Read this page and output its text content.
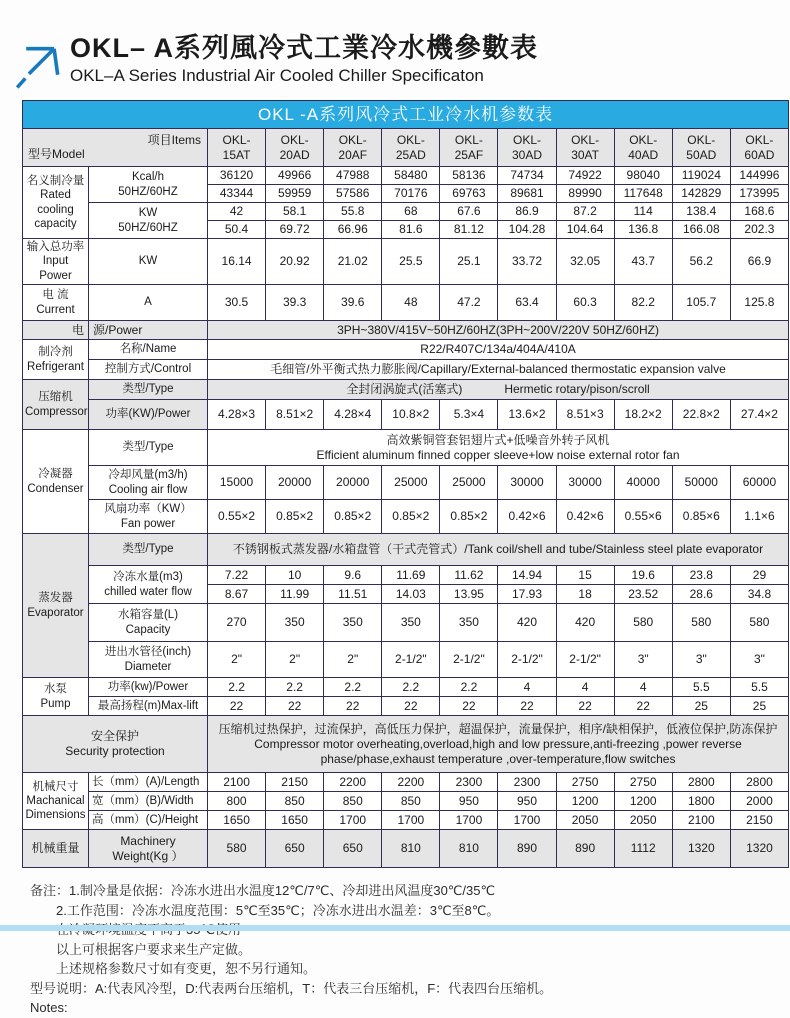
OKL– A系列風冷式工業冷水機參數表
OKL–A Series Industrial Air Cooled Chiller Specificaton
OKL -A系列风冷式工业冷水机参数表											

型号Model
项目Items		OKL-15AT	OKL-20AD	OKL-20AF	OKL-25AD	OKL-25AF	OKL-30AD	OKL-30AT	OKL-40AD	OKL-50AD	OKL-60AD

名义制冷量
Rated cooling capacity	Kcal/h
50HZ/60HZ	36120	49966	47988	58480	58136	74734	74922	98040	119024	144996
		43344	59959	57586	70176	69763	89681	89990	117648	142829	173995

	KW
50HZ/60HZ	42	58.1	55.8	68	67.6	86.9	87.2	114	138.4	168.6
		50.4	69.72	66.96	81.6	81.12	104.28	104.64	136.8	166.08	202.3

输入总功率
Input Power	KW	16.14	20.92	21.02	25.5	25.1	33.72	32.05	43.7	56.2	66.9

电 流
Current	A	30.5	39.3	39.6	48	47.2	63.4	60.3	82.2	105.7	125.8
电	源/Power	3PH~380V/415V~50HZ/60HZ(3PH~200V/220V 50HZ/60HZ)									

制冷剂
Refrigerant	名称/Name	R22/R407C/134a/404A/410A									
	控制方式/Control	毛细管/外平衡式热力膨胀阀/Capillary/External-balanced thermostatic expansion valve									

压缩机
Compressor	类型/Type	全封闭涡旋式(活塞式) Hermetic rotary/pison/scroll									
	功率(KW)/Power	4.28×3	8.51×2	4.28×4	10.8×2	5.3×4	13.6×2	8.51×3	18.2×2	22.8×2	27.4×2

冷凝器
Condenser	类型/Type	高效紫铜管套铝翅片式+低噪音外转子风机
Efficient aluminum finned copper sleeve+low noise external rotor fan									

	冷却风量(m3/h)
Cooling air flow	15000	20000	20000	25000	25000	30000	30000	40000	50000	60000

	风扇功率（KW）
Fan power	0.55×2	0.85×2	0.85×2	0.85×2	0.85×2	0.42×6	0.42×6	0.55×6	0.85×6	1.1×6

蒸发器
Evaporator	类型/Type	不锈钢板式蒸发器/水箱盘管（干式壳管式）/Tank coil/shell and tube/Stainless steel plate evaporator									

	冷冻水量(m3)
chilled water flow	7.22	10	9.6	11.69	11.62	14.94	15	19.6	23.8	29
		8.67	11.99	11.51	14.03	13.95	17.93	18	23.52	28.6	34.8

	水箱容量(L)
Capacity	270	350	350	350	350	420	420	580	580	580

	进出水管径(inch)
Diameter	2"	2"	2"	2-1/2"	2-1/2"	2-1/2"	2-1/2"	3"	3"	3"

水泵
Pump	功率(kw)/Power	2.2	2.2	2.2	2.2	2.2	4	4	4	5.5	5.5
	最高扬程(m)Max-lift	22	22	22	22	22	22	22	22	25	25

安全保护
Security protection		压缩机过热保护，过流保护，高低压力保护，超温保护，流量保护，相序/缺相保护，低液位保护,防冻保护
Compressor motor overheating,overload,high and low pressure,anti-freezing ,power reverse phase/phase,exhaust temperature ,over-temperature,flow switches									

机械尺寸
Machanical Dimensions	长（mm）(A)/Length	2100	2150	2200	2200	2300	2300	2750	2750	2800	2800
	宽（mm）(B)/Width	800	850	850	850	950	950	1200	1200	1800	2000
	高（mm）(C)/Height	1650	1650	1700	1700	1700	1700	2050	2050	2100	2150
机械重量	Machinery
Weight(Kg ）	580	650	650	810	810	890	890	1112	1320	1320
备注：1.制冷量是依据：冷冻水进出水温度12℃/7℃、冷却进出风温度30℃/35℃
2.工作范围：冷冻水温度范围：5℃至35℃；冷冻水进出水温差：3℃至8℃。
以上可根据客户要求来生产定做。
上述规格参数尺寸如有变更，恕不另行通知。
型号说明：A:代表风冷型，D:代表两台压缩机，T：代表三台压缩机，F：代表四台压缩机。
Notes:
